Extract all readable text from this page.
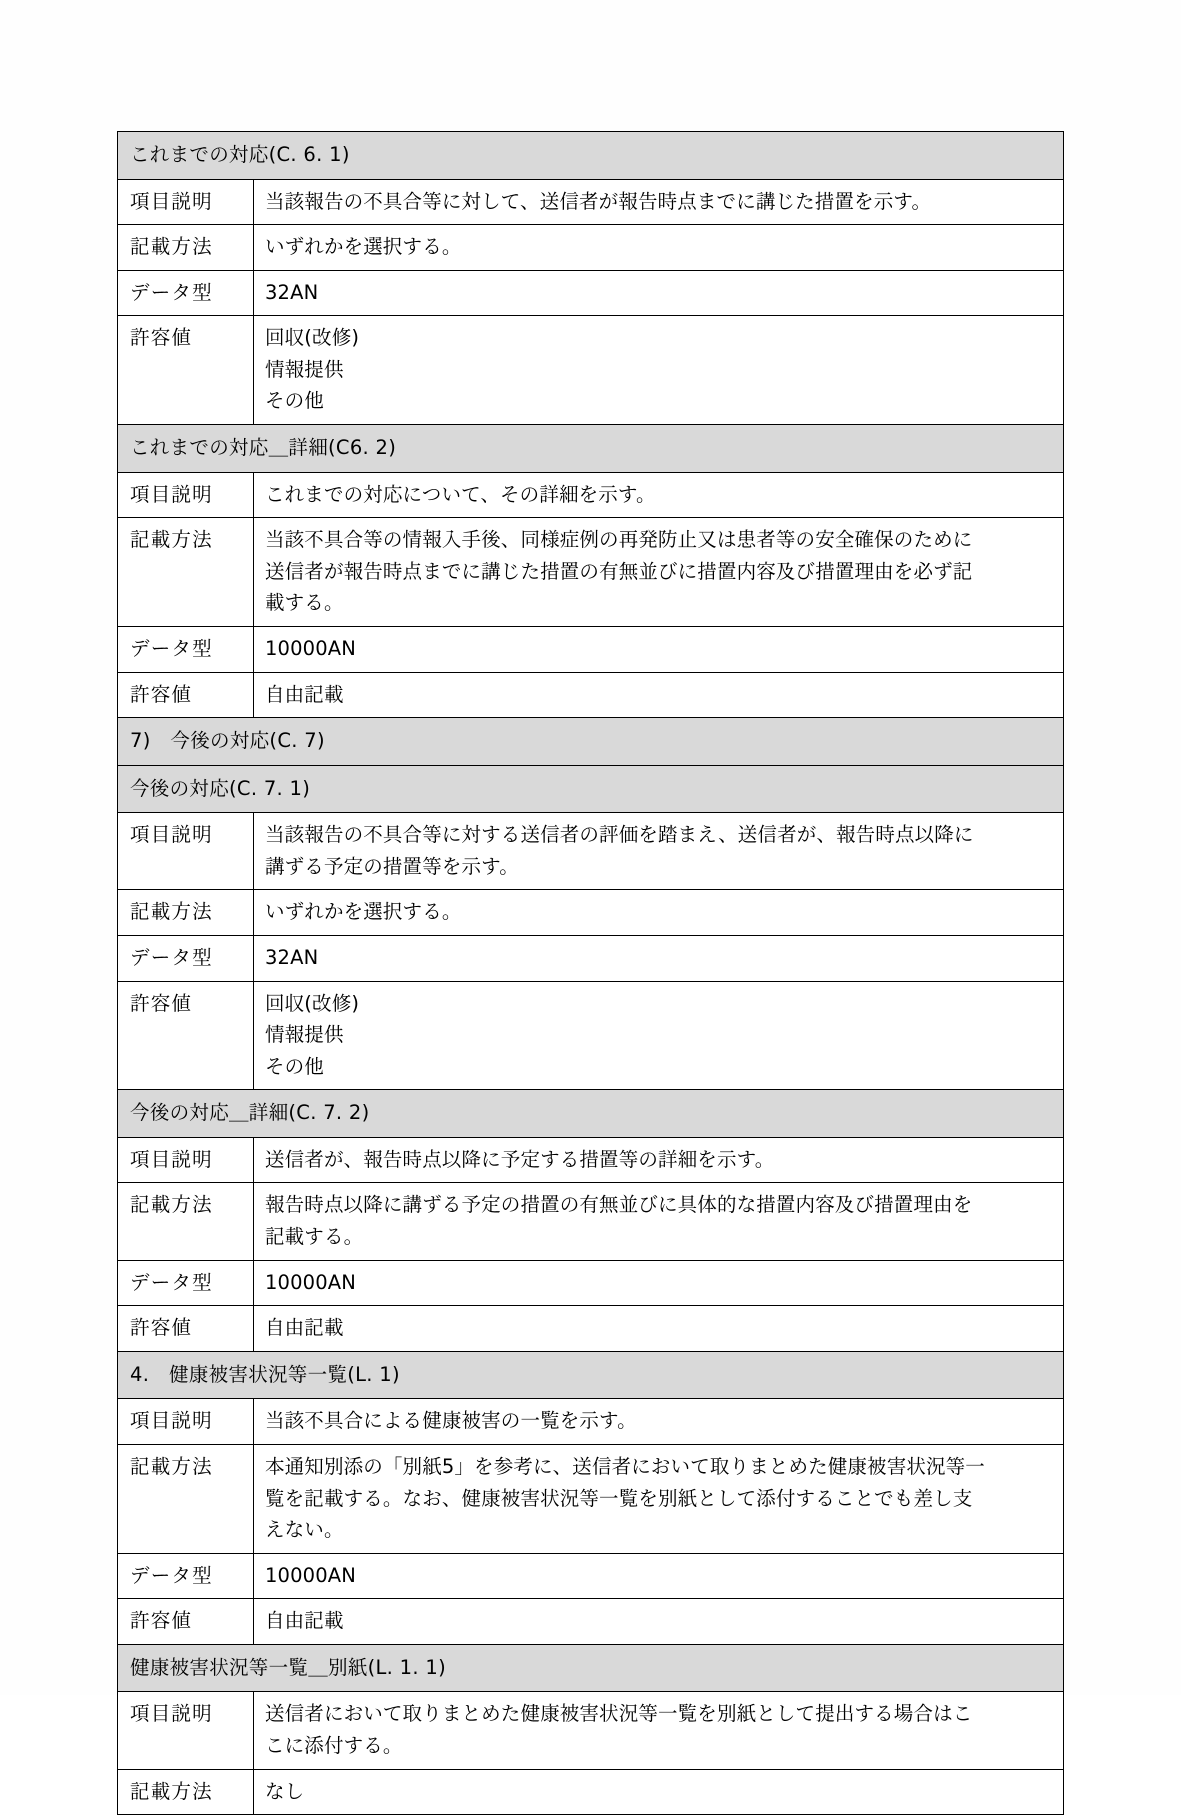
これまでの対応(C. 6. 1)	
項目説明	当該報告の不具合等に対して、送信者が報告時点までに講じた措置を示す。

記載方法	いずれかを選択する。

データ型	32AN

許容値	回収(改修)
情報提供
その他

これまでの対応＿詳細(C6. 2)	
項目説明	これまでの対応について、その詳細を示す。

記載方法	当該不具合等の情報入手後、同様症例の再発防止又は患者等の安全確保のために
送信者が報告時点までに講じた措置の有無並びに措置内容及び措置理由を必ず記
載する。

データ型	10000AN

許容値	自由記載

7)　今後の対応(C. 7)	
今後の対応(C. 7. 1)	
項目説明	当該報告の不具合等に対する送信者の評価を踏まえ、送信者が、報告時点以降に
講ずる予定の措置等を示す。

記載方法	いずれかを選択する。

データ型	32AN

許容値	回収(改修)
情報提供
その他

今後の対応＿詳細(C. 7. 2)	
項目説明	送信者が、報告時点以降に予定する措置等の詳細を示す。

記載方法	報告時点以降に講ずる予定の措置の有無並びに具体的な措置内容及び措置理由を
記載する。

データ型	10000AN

許容値	自由記載

4.　健康被害状況等一覧(L. 1)	
項目説明	当該不具合による健康被害の一覧を示す。

記載方法	本通知別添の「別紙5」を参考に、送信者において取りまとめた健康被害状況等一
覧を記載する。なお、健康被害状況等一覧を別紙として添付することでも差し支
えない。

データ型	10000AN

許容値	自由記載

健康被害状況等一覧＿別紙(L. 1. 1)	
項目説明	送信者において取りまとめた健康被害状況等一覧を別紙として提出する場合はこ
こに添付する。

記載方法	なし
